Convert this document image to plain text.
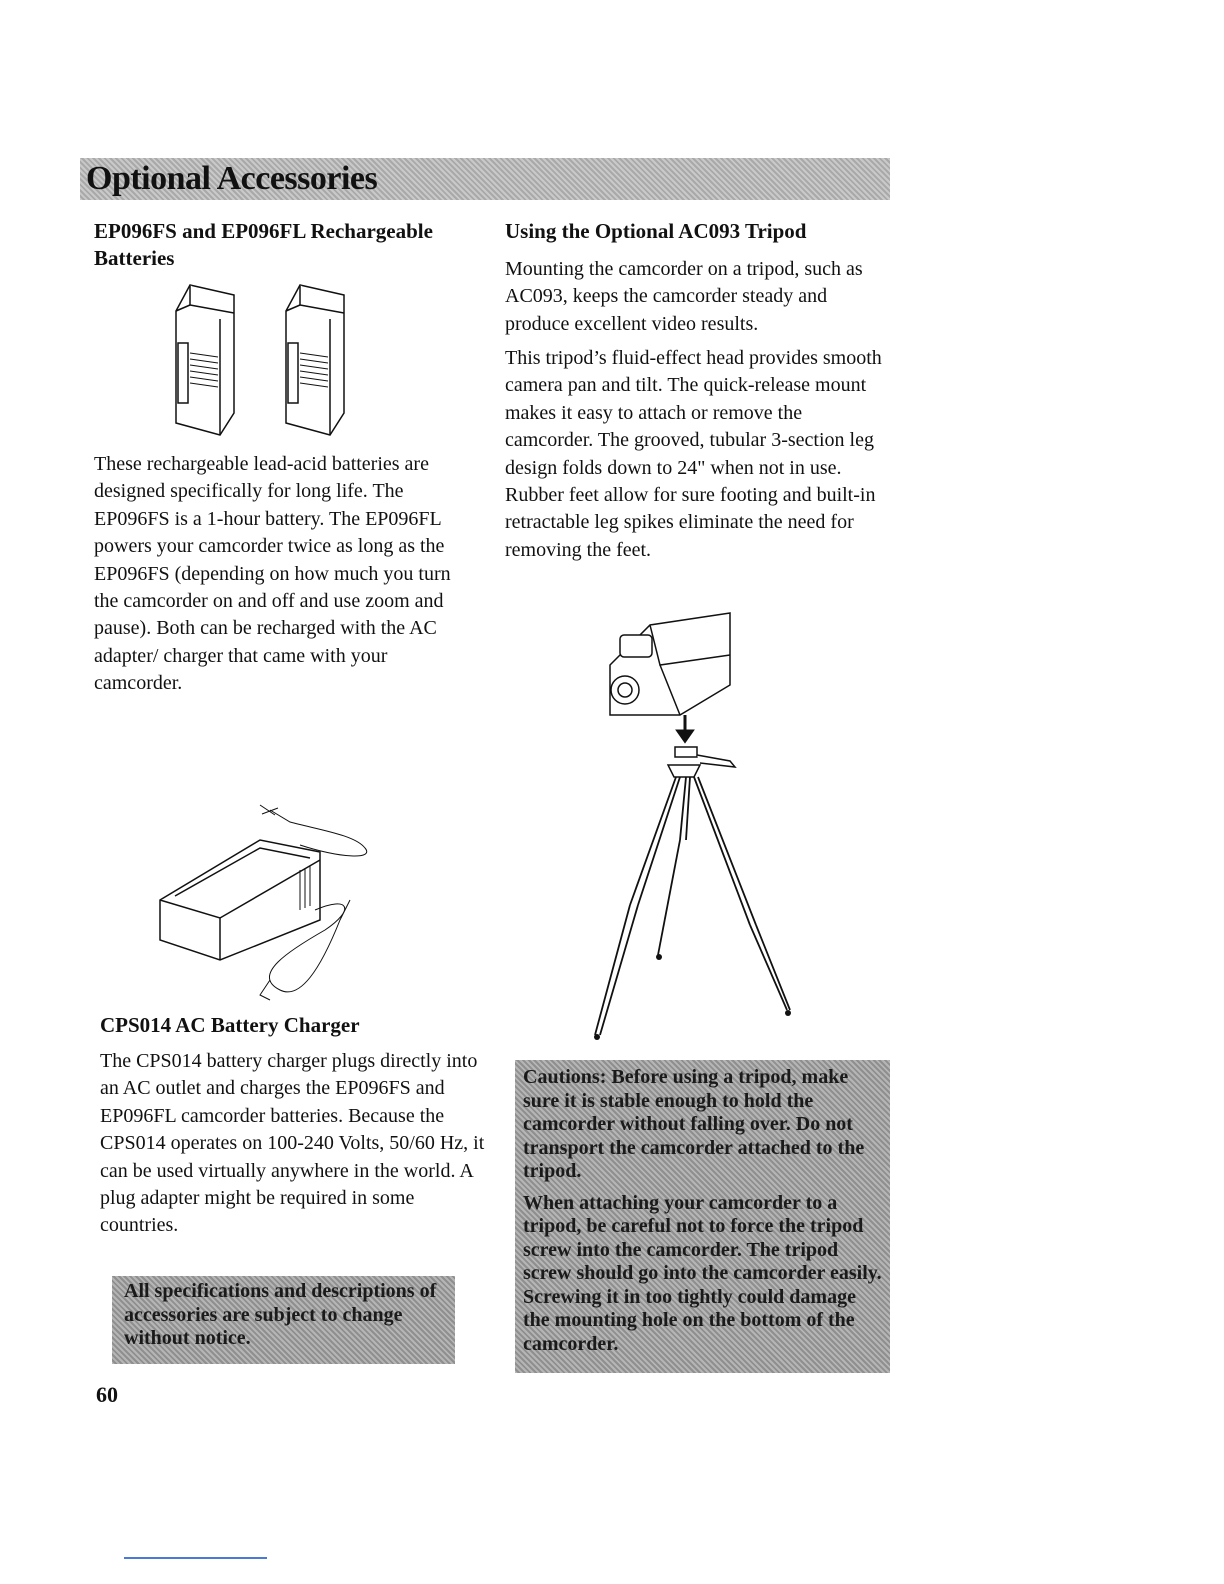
Optional Accessories
EP096FS and EP096FL Rechargeable Batteries

These rechargeable lead-acid batteries are designed specifically for long life. The EP096FS is a 1-hour battery. The EP096FL powers your camcorder twice as long as the EP096FS (depending on how much you turn the camcorder on and off and use zoom and pause). Both can be recharged with the AC adapter/ charger that came with your camcorder.

CPS014 AC Battery Charger

The CPS014 battery charger plugs directly into an AC outlet and charges the EP096FS and EP096FL camcorder batteries. Because the CPS014 operates on 100-240 Volts, 50/60 Hz, it can be used virtually anywhere in the world. A plug adapter might be required in some countries.

All specifications and descriptions of accessories are subject to change without notice.

Using the Optional AC093 Tripod

Mounting the camcorder on a tripod, such as AC093, keeps the camcorder steady and produce excellent video results.

This tripod’s fluid-effect head provides smooth camera pan and tilt. The quick-release mount makes it easy to attach or remove the camcorder. The grooved, tubular 3-section leg design folds down to 24" when not in use. Rubber feet allow for sure footing and built-in retractable leg spikes eliminate the need for removing the feet.

Cautions: Before using a tripod, make sure it is stable enough to hold the camcorder without falling over. Do not transport the camcorder attached to the tripod.

When attaching your camcorder to a tripod, be careful not to force the tripod screw into the camcorder. The tripod screw should go into the camcorder easily. Screwing it in too tightly could damage the mounting hole on the bottom of the camcorder.

60
